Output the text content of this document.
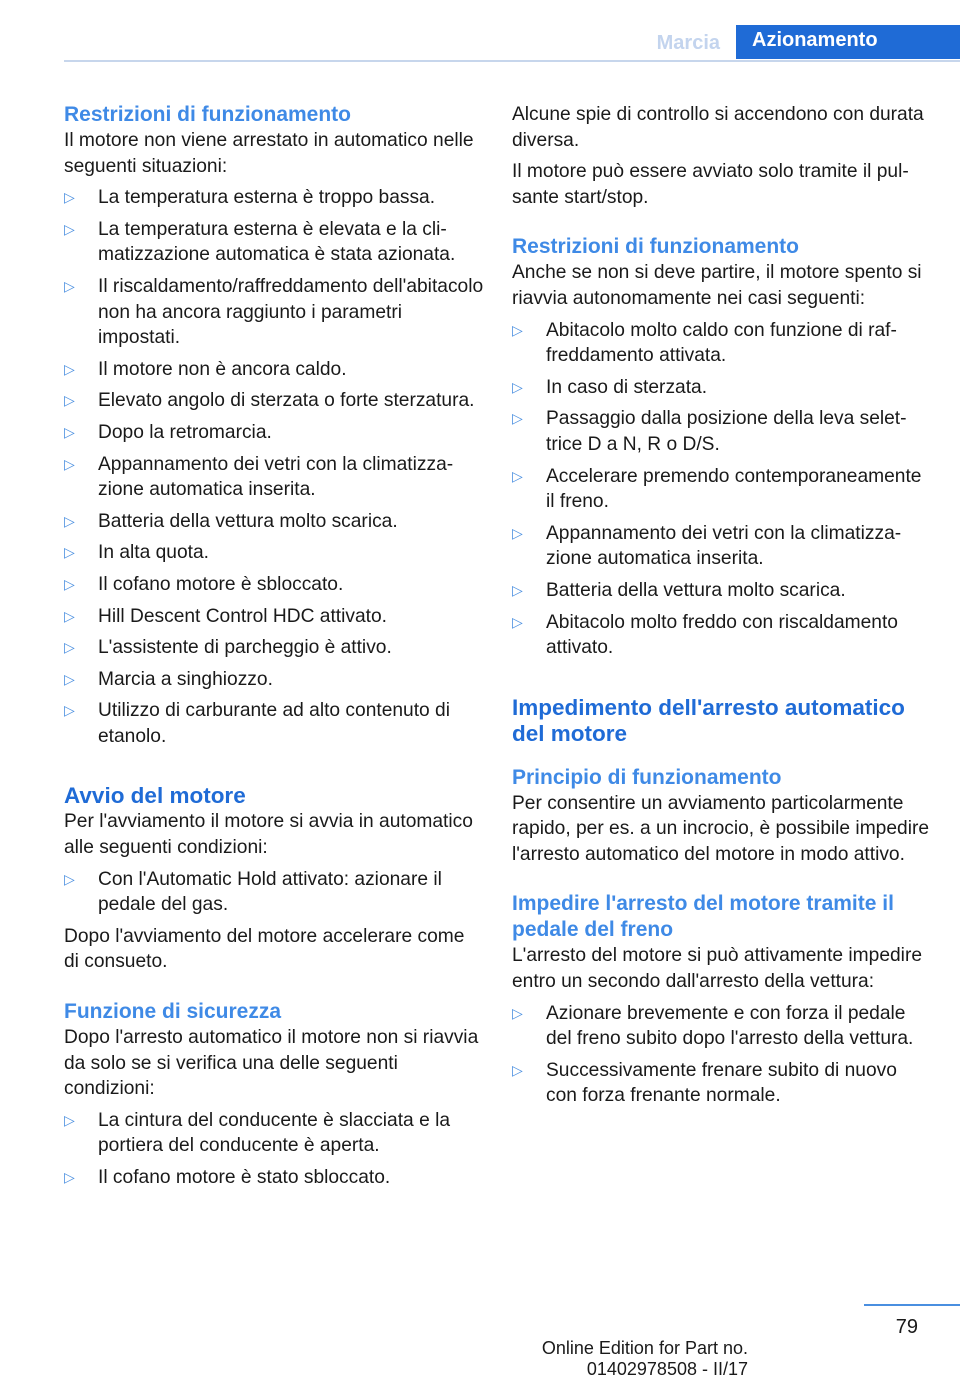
Marcia	Azionamento
Restrizioni di funzionamento

Il motore non viene arrestato in automatico nelle seguenti situazioni:

▷	La temperatura esterna è troppo bassa.
▷	La temperatura esterna è elevata e la climatizzazione automatica è stata azionata.
▷	Il riscaldamento/raffreddamento dell'abitacolo non ha ancora raggiunto i parametri impostati.
▷	Il motore non è ancora caldo.
▷	Elevato angolo di sterzata o forte sterzatura.
▷	Dopo la retromarcia.
▷	Appannamento dei vetri con la climatizzazione automatica inserita.
▷	Batteria della vettura molto scarica.
▷	In alta quota.
▷	Il cofano motore è sbloccato.
▷	Hill Descent Control HDC attivato.
▷	L'assistente di parcheggio è attivo.
▷	Marcia a singhiozzo.
▷	Utilizzo di carburante ad alto contenuto di etanolo.
Avvio del motore

Per l'avviamento il motore si avvia in automatico alle seguenti condizioni:

▷	Con l'Automatic Hold attivato: azionare il pedale del gas.

Dopo l'avviamento del motore accelerare come di consueto.

Funzione di sicurezza

Dopo l'arresto automatico il motore non si riavvia da solo se si verifica una delle seguenti condizioni:

▷	La cintura del conducente è slacciata e la portiera del conducente è aperta.
▷	Il cofano motore è stato sbloccato.

Alcune spie di controllo si accendono con durata diversa.

Il motore può essere avviato solo tramite il pulsante start/stop.

Restrizioni di funzionamento

Anche se non si deve partire, il motore spento si riavvia autonomamente nei casi seguenti:

▷	Abitacolo molto caldo con funzione di raffreddamento attivata.
▷	In caso di sterzata.
▷	Passaggio dalla posizione della leva selettrice D a N, R o D/S.
▷	Accelerare premendo contemporaneamente il freno.
▷	Appannamento dei vetri con la climatizzazione automatica inserita.
▷	Batteria della vettura molto scarica.
▷	Abitacolo molto freddo con riscaldamento attivato.
Impedimento dell'arresto automatico del motore
Principio di funzionamento

Per consentire un avviamento particolarmente rapido, per es. a un incrocio, è possibile impedire l'arresto automatico del motore in modo attivo.

Impedire l'arresto del motore tramite il pedale del freno

L'arresto del motore si può attivamente impedire entro un secondo dall'arresto della vettura:

▷	Azionare brevemente e con forza il pedale del freno subito dopo l'arresto della vettura.
▷	Successivamente frenare subito di nuovo con forza frenante normale.
79
Online Edition for Part no. 01402978508 - II/17
